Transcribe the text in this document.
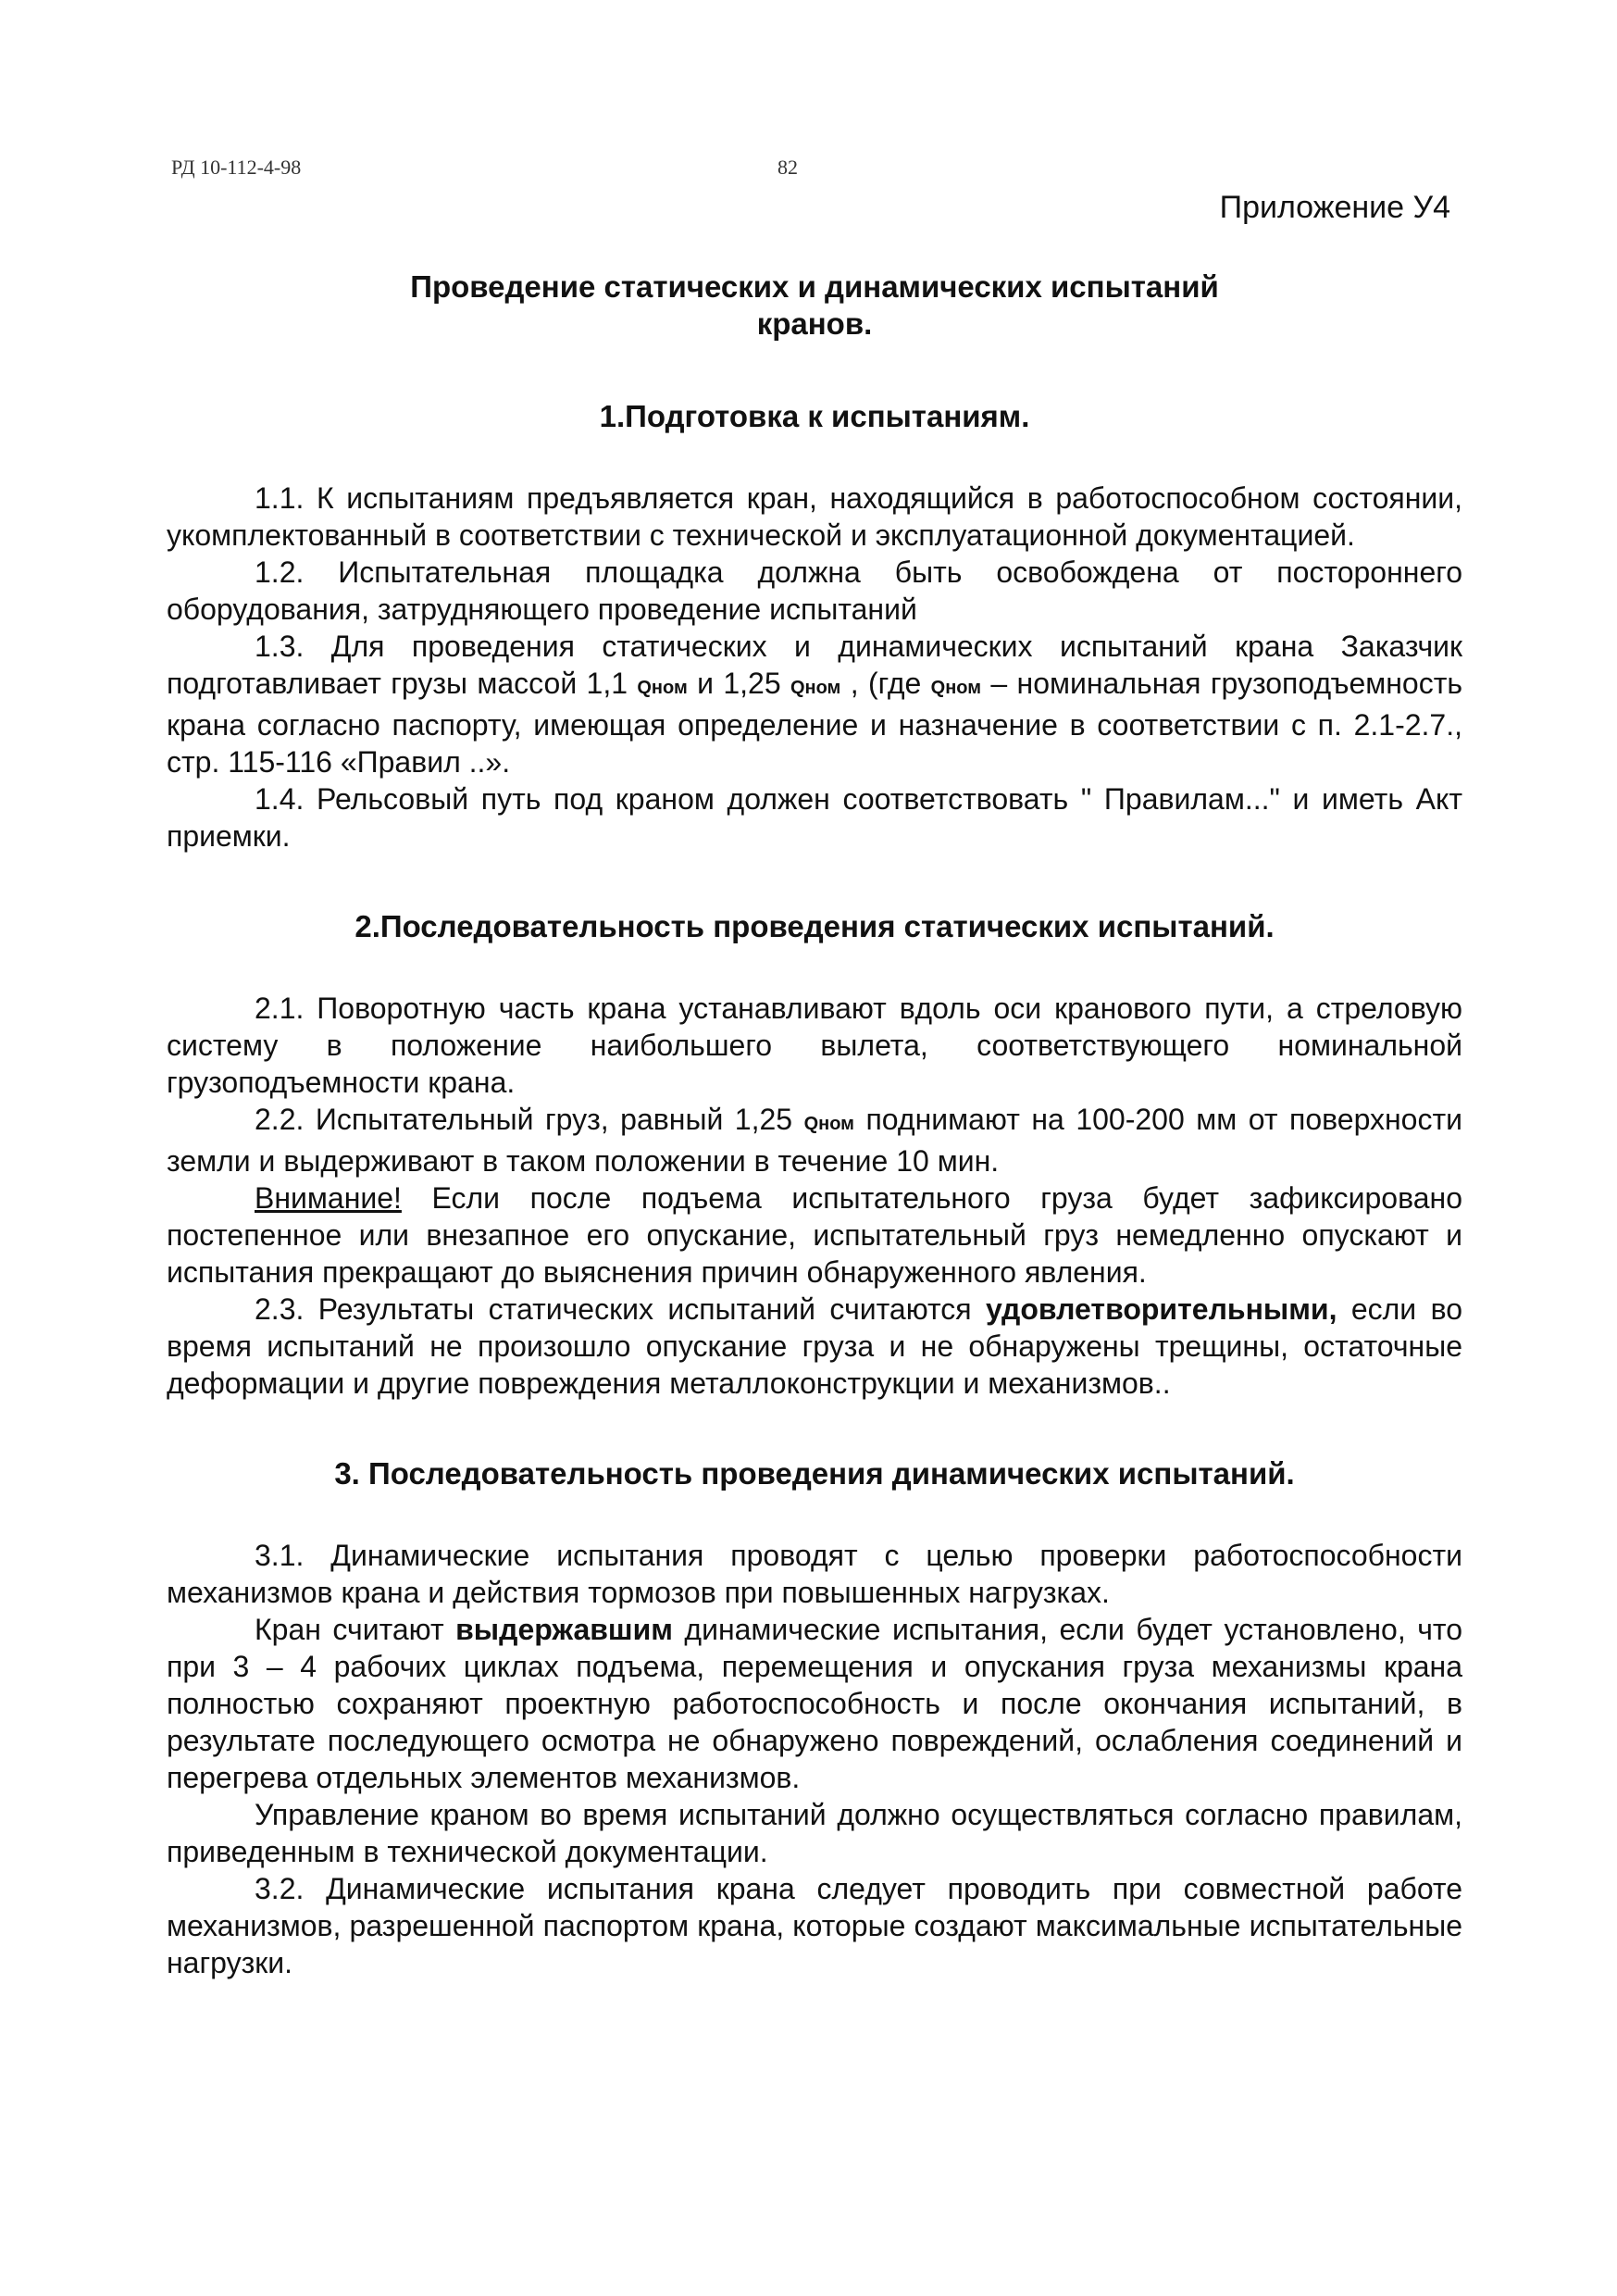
РД 10-112-4-98	82
Приложение У4
Проведение статических и динамических испытаний
кранов.
1.Подготовка к испытаниям.

1.1. К испытаниям предъявляется кран, находящийся в работоспособном состоянии, укомплектованный в соответствии с технической и эксплуатационной документацией.

1.2. Испытательная площадка должна быть освобождена от постороннего оборудования, затрудняющего проведение испытаний

1.3. Для проведения статических и динамических испытаний крана Заказчик подготавливает грузы массой 1,1 Qном и 1,25 Qном , (где Qном – номинальная грузоподъемность крана согласно паспорту, имеющая определение и назначение в соответствии с п. 2.1-2.7., стр. 115-116 «Правил ..».

1.4. Рельсовый путь под краном должен соответствовать " Правилам..." и иметь Акт приемки.

2.Последовательность проведения статических испытаний.

2.1. Поворотную часть крана устанавливают вдоль оси кранового пути, а стреловую систему в положение наибольшего вылета, соответствующего номинальной грузоподъемности крана.

2.2. Испытательный груз, равный 1,25 Qном поднимают на 100-200 мм от поверхности земли и выдерживают в таком положении в течение 10 мин.

Внимание! Если после подъема испытательного груза будет зафиксировано постепенное или внезапное его опускание, испытательный груз немедленно опускают и испытания прекращают до выяснения причин обнаруженного явления.

2.3. Результаты статических испытаний считаются удовлетворительными, если во время испытаний не произошло опускание груза и не обнаружены трещины, остаточные деформации и другие повреждения металлоконструкции и механизмов..

3. Последовательность проведения динамических испытаний.

3.1. Динамические испытания проводят с целью проверки работоспособности механизмов крана и действия тормозов при повышенных нагрузках.

Кран считают выдержавшим динамические испытания, если будет установлено, что при 3 – 4 рабочих циклах подъема, перемещения и опускания груза механизмы крана полностью сохраняют проектную работоспособность и после окончания испытаний, в результате последующего осмотра не обнаружено повреждений, ослабления соединений и перегрева отдельных элементов механизмов.

Управление краном во время испытаний должно осуществляться согласно правилам, приведенным в технической документации.

3.2. Динамические испытания крана следует проводить при совместной работе механизмов, разрешенной паспортом крана, которые создают максимальные испытательные нагрузки.
